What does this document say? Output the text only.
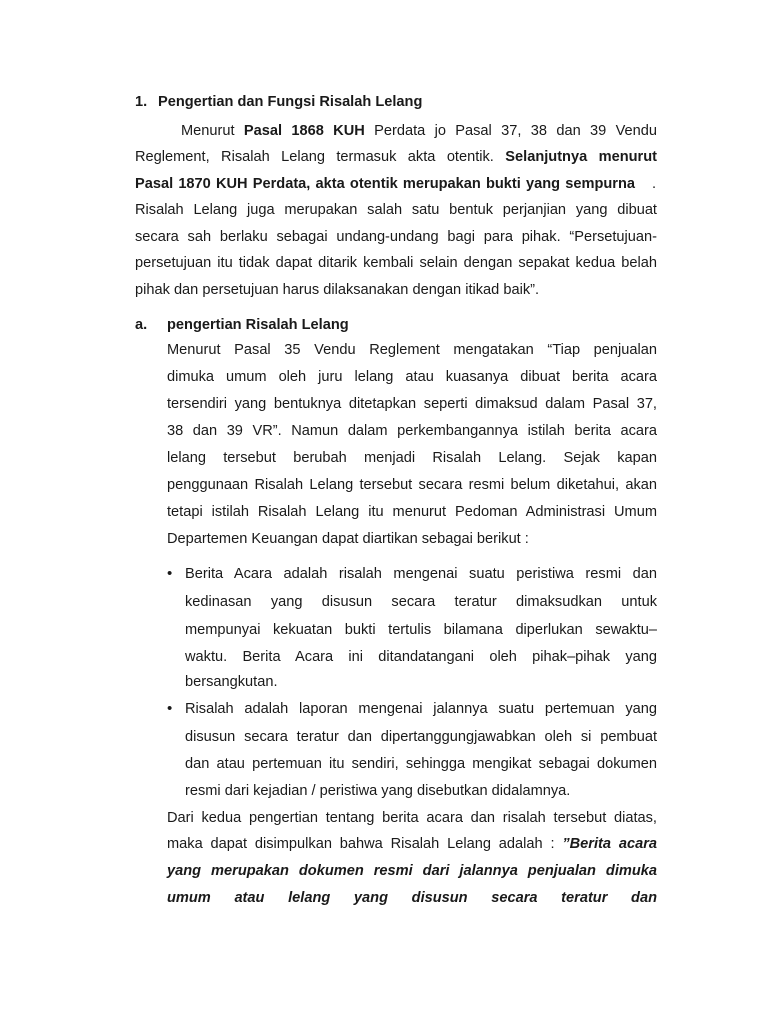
1. Pengertian dan Fungsi Risalah Lelang
Menurut Pasal 1868 KUH Perdata jo Pasal 37, 38 dan 39 Vendu
Reglement, Risalah Lelang termasuk akta otentik. Selanjutnya menurut
Pasal 1870 KUH Perdata, akta otentik merupakan bukti yang sempurna .
Risalah Lelang juga merupakan salah satu bentuk perjanjian yang dibuat
secara sah berlaku sebagai undang-undang bagi para pihak. “Persetujuan-
persetujuan itu tidak dapat ditarik kembali selain dengan sepakat kedua belah
pihak dan persetujuan harus dilaksanakan dengan itikad baik”.
a. pengertian Risalah Lelang
Menurut Pasal 35 Vendu Reglement mengatakan “Tiap penjualan
dimuka umum oleh juru lelang atau kuasanya dibuat berita acara
tersendiri yang bentuknya ditetapkan seperti dimaksud dalam Pasal 37,
38 dan 39 VR”. Namun dalam perkembangannya istilah berita acara
lelang tersebut berubah menjadi Risalah Lelang. Sejak kapan
penggunaan Risalah Lelang tersebut secara resmi belum diketahui, akan
tetapi istilah Risalah Lelang itu menurut Pedoman Administrasi Umum
Departemen Keuangan dapat diartikan sebagai berikut :
• Berita Acara adalah risalah mengenai suatu peristiwa resmi dan
kedinasan yang disusun secara teratur dimaksudkan untuk
mempunyai kekuatan bukti tertulis bilamana diperlukan sewaktu–
waktu. Berita Acara ini ditandatangani oleh pihak–pihak yang
bersangkutan.
• Risalah adalah laporan mengenai jalannya suatu pertemuan yang
disusun secara teratur dan dipertanggungjawabkan oleh si pembuat
dan atau pertemuan itu sendiri, sehingga mengikat sebagai dokumen
resmi dari kejadian / peristiwa yang disebutkan didalamnya.
Dari kedua pengertian tentang berita acara dan risalah tersebut diatas,
maka dapat disimpulkan bahwa Risalah Lelang adalah : ”Berita acara
yang merupakan dokumen resmi dari jalannya penjualan dimuka
umum atau lelang yang disusun secara teratur dan
